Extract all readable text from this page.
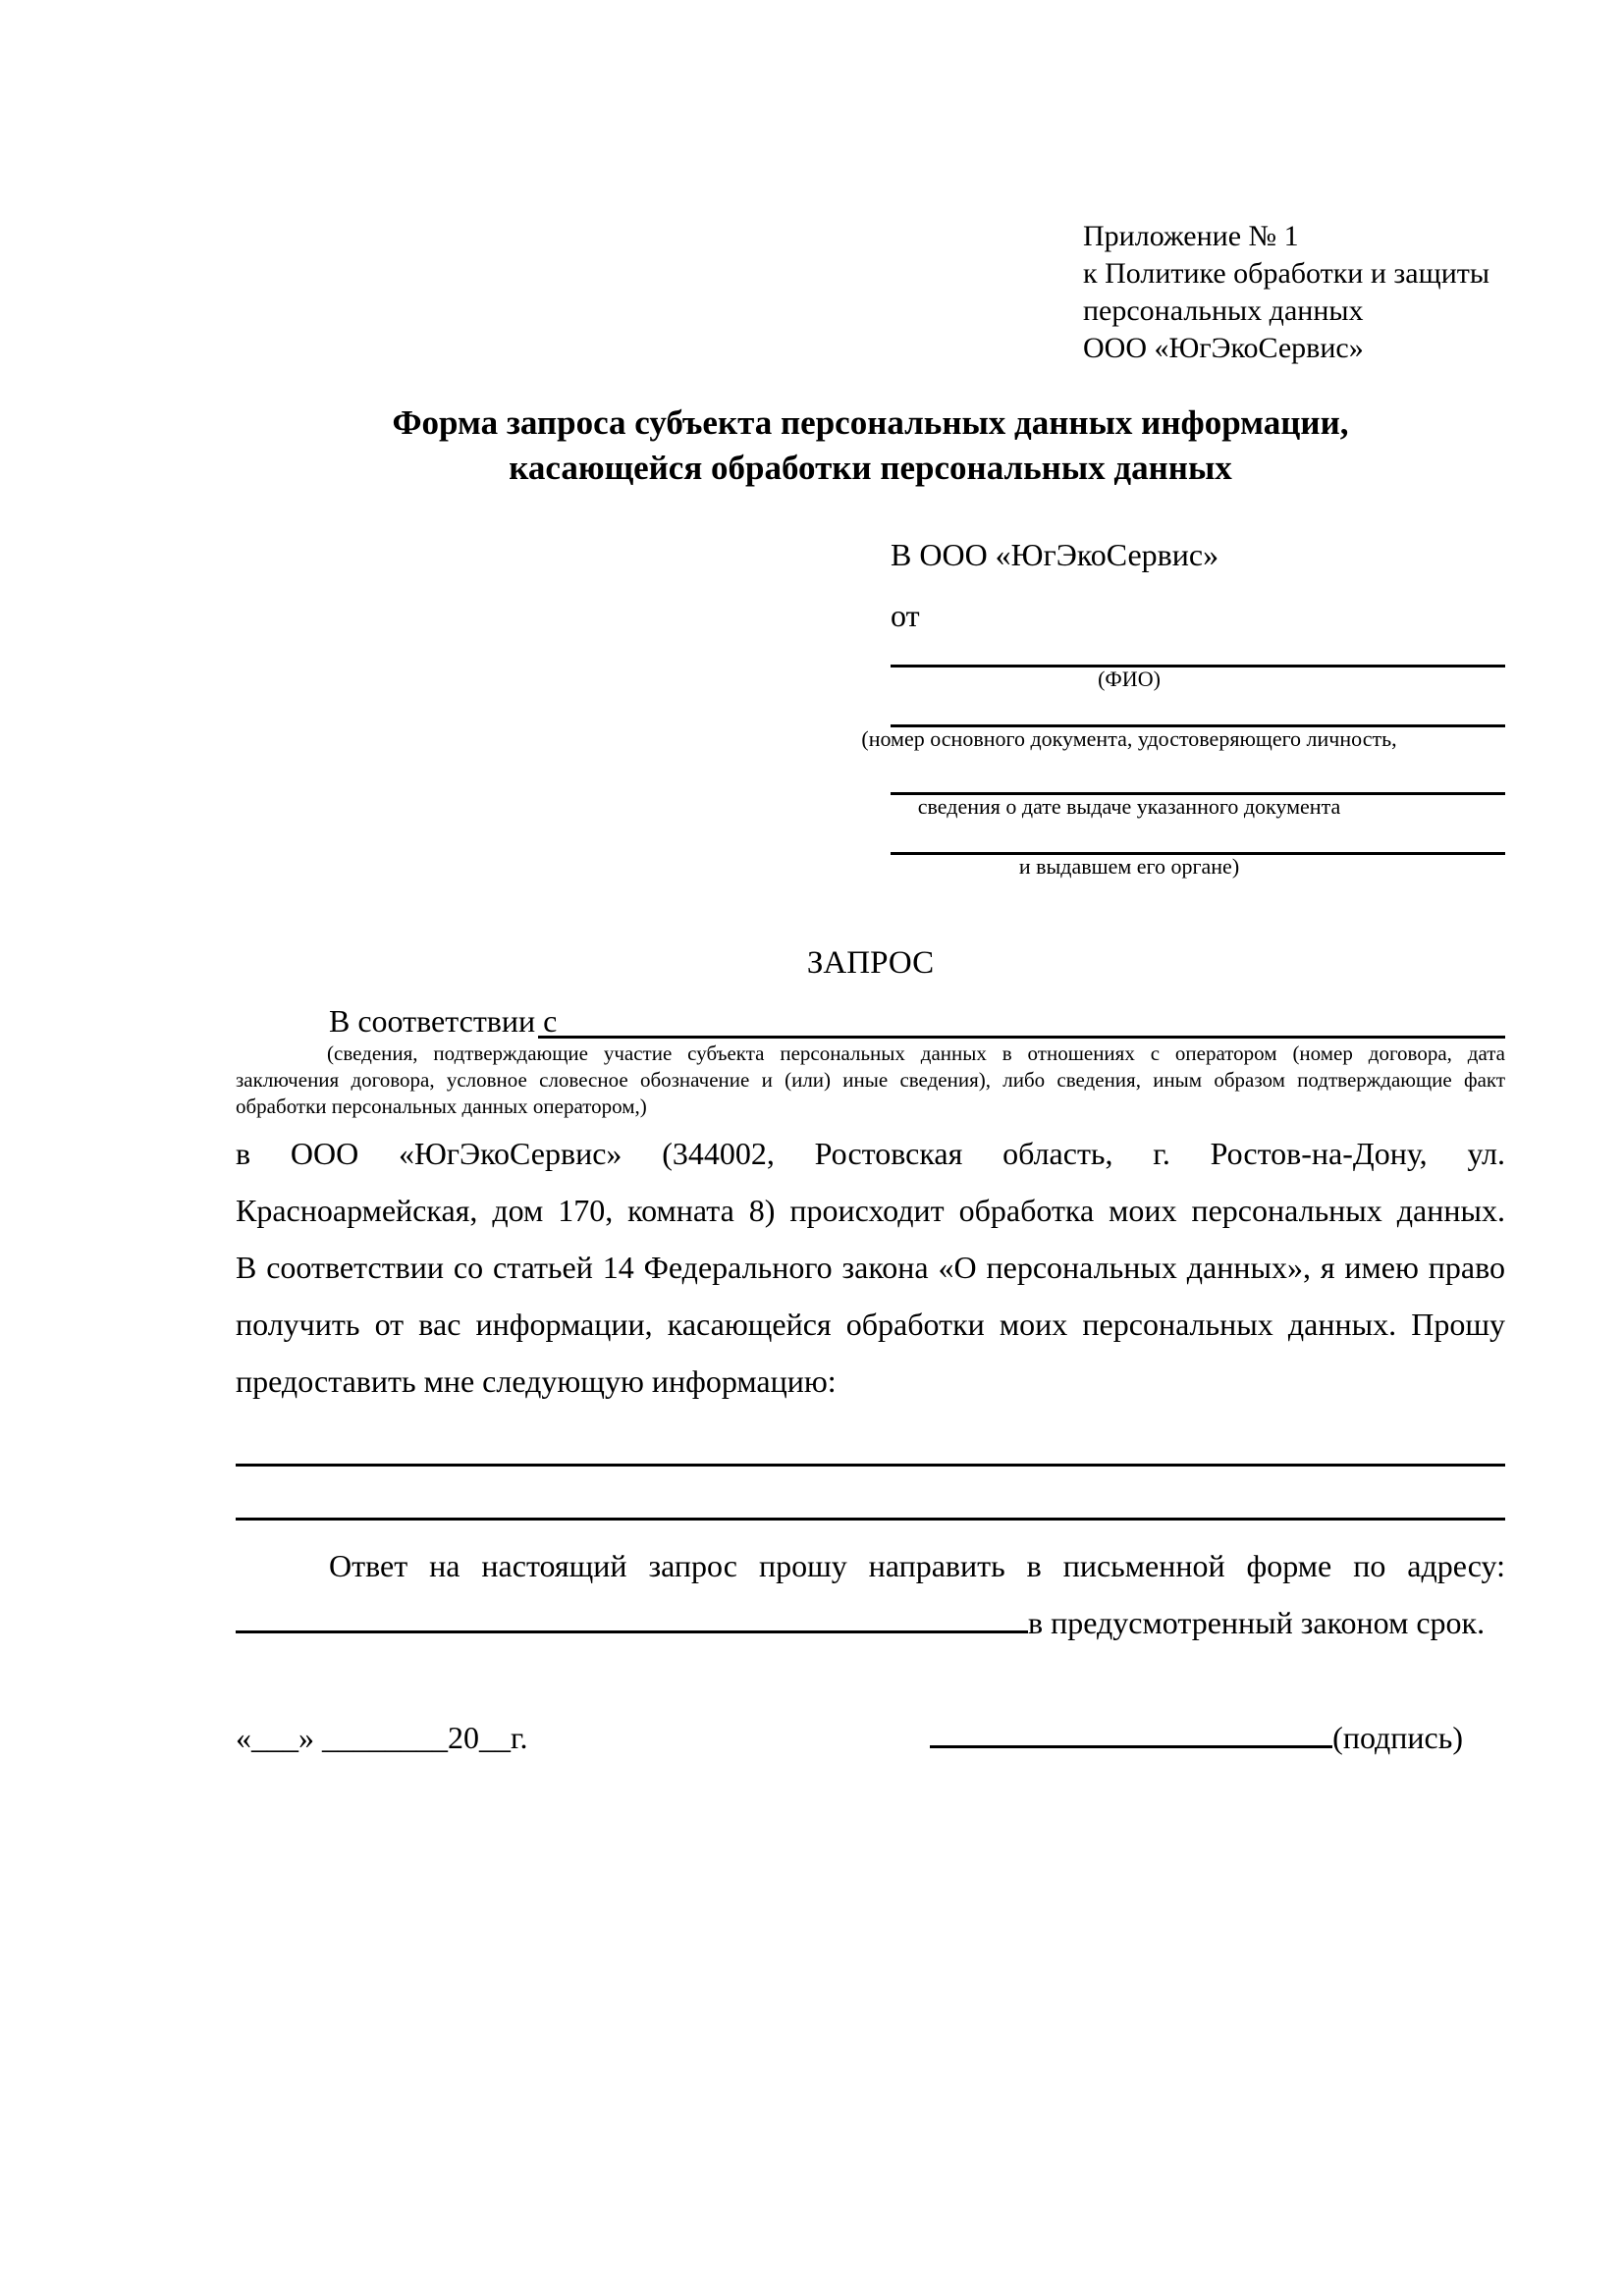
Приложение № 1
к Политике обработки и защиты
персональных данных
ООО «ЮгЭкоСервис»
Форма запроса субъекта персональных данных информации,
касающейся обработки персональных данных
В ООО «ЮгЭкоСервис»
от
(ФИО)
(номер основного документа, удостоверяющего личность,
сведения о дате выдаче указанного документа
и выдавшем его органе)
ЗАПРОС
В соответствии с
(сведения, подтверждающие участие субъекта персональных данных в отношениях с оператором (номер договора, дата
заключения договора, условное словесное обозначение и (или) иные сведения), либо сведения, иным образом подтверждающие факт
обработки персональных данных оператором,)
в ООО «ЮгЭкоСервис» (344002, Ростовская область, г. Ростов-на-Дону, ул.
Красноармейская, дом 170, комната 8) происходит обработка моих персональных данных.
В соответствии со статьей 14 Федерального закона «О персональных данных», я имею право
получить от вас информации, касающейся обработки моих персональных данных. Прошу
предоставить мне следующую информацию:
Ответ на настоящий запрос прошу направить в письменной форме по адресу:
в предусмотренный законом срок.
«___» ________20__г.	(подпись)
